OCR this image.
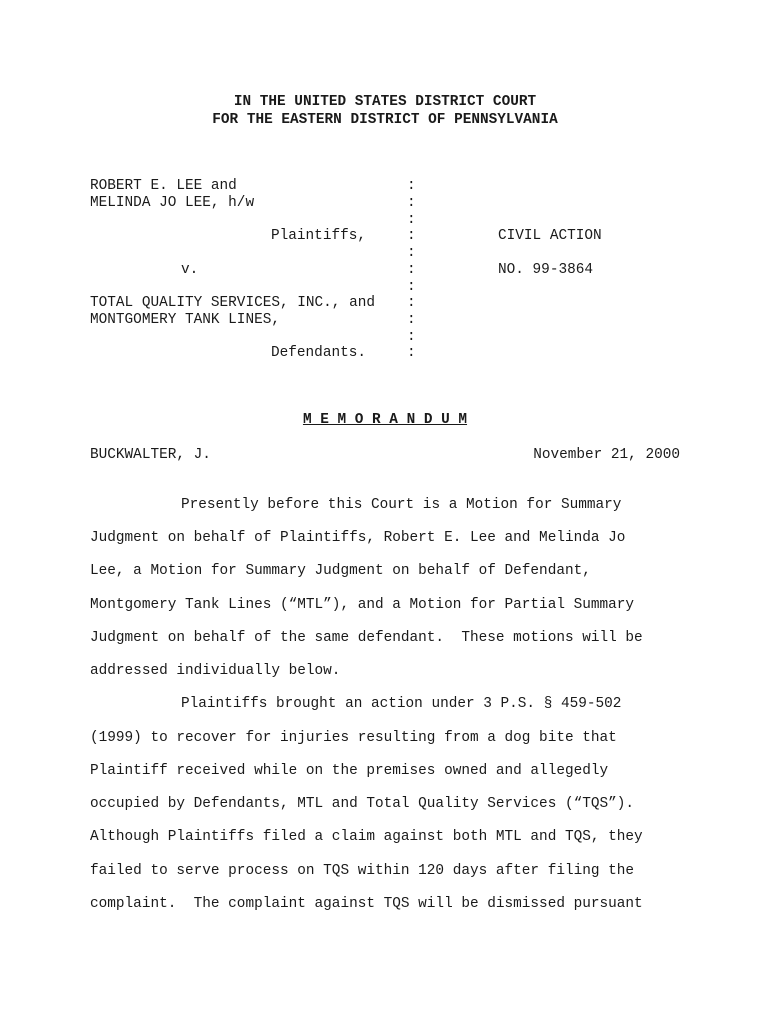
IN THE UNITED STATES DISTRICT COURT
FOR THE EASTERN DISTRICT OF PENNSYLVANIA
ROBERT E. LEE and
MELINDA JO LEE, h/w
Plaintiffs,
v.
TOTAL QUALITY SERVICES, INC., and
MONTGOMERY TANK LINES,
Defendants.
:
:
:
:
:
:
:
:
:
:
:
CIVIL ACTION
NO. 99-3864
M E M O R A N D U M
BUCKWALTER, J.	November 21, 2000
Presently before this Court is a Motion for Summary
Judgment on behalf of Plaintiffs, Robert E. Lee and Melinda Jo
Lee, a Motion for Summary Judgment on behalf of Defendant,
Montgomery Tank Lines (“MTL”), and a Motion for Partial Summary
Judgment on behalf of the same defendant.  These motions will be
addressed individually below.
Plaintiffs brought an action under 3 P.S. § 459-502
(1999) to recover for injuries resulting from a dog bite that
Plaintiff received while on the premises owned and allegedly
occupied by Defendants, MTL and Total Quality Services (“TQS”).
Although Plaintiffs filed a claim against both MTL and TQS, they
failed to serve process on TQS within 120 days after filing the
complaint.  The complaint against TQS will be dismissed pursuant
